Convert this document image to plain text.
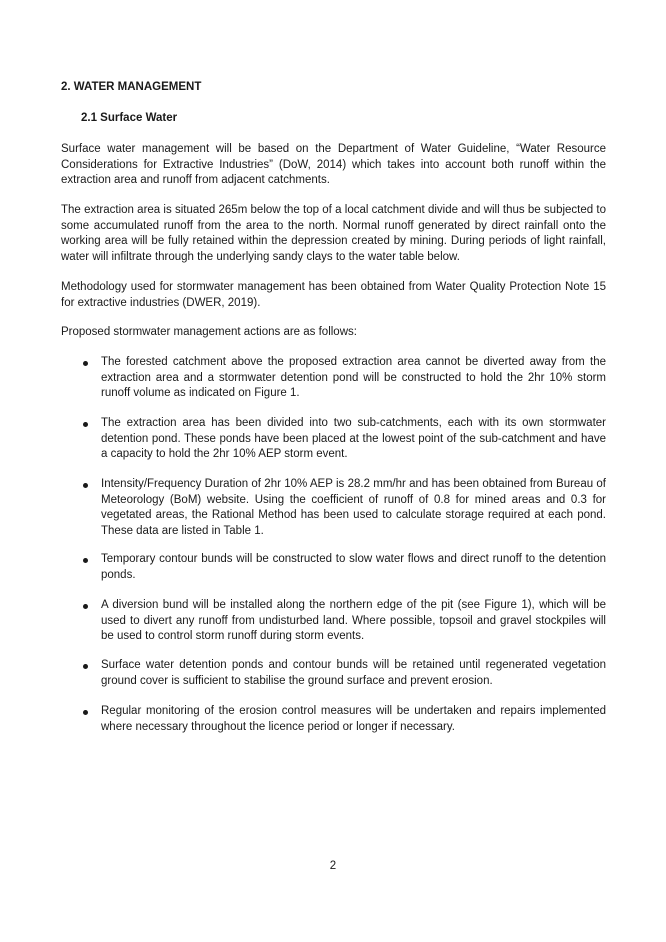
2. WATER MANAGEMENT
2.1 Surface Water

Surface water management will be based on the Department of Water Guideline, “Water Resource Considerations for Extractive Industries” (DoW, 2014) which takes into account both runoff within the extraction area and runoff from adjacent catchments.

The extraction area is situated 265m below the top of a local catchment divide and will thus be subjected to some accumulated runoff from the area to the north. Normal runoff generated by direct rainfall onto the working area will be fully retained within the depression created by mining. During periods of light rainfall, water will infiltrate through the underlying sandy clays to the water table below.

Methodology used for stormwater management has been obtained from Water Quality Protection Note 15 for extractive industries (DWER, 2019).

Proposed stormwater management actions are as follows:

The forested catchment above the proposed extraction area cannot be diverted away from the extraction area and a stormwater detention pond will be constructed to hold the 2hr 10% storm runoff volume as indicated on Figure 1.

The extraction area has been divided into two sub-catchments, each with its own stormwater detention pond. These ponds have been placed at the lowest point of the sub-catchment and have a capacity to hold the 2hr 10% AEP storm event.

Intensity/Frequency Duration of 2hr 10% AEP is 28.2 mm/hr and has been obtained from Bureau of Meteorology (BoM) website. Using the coefficient of runoff of 0.8 for mined areas and 0.3 for vegetated areas, the Rational Method has been used to calculate storage required at each pond. These data are listed in Table 1.

Temporary contour bunds will be constructed to slow water flows and direct runoff to the detention ponds.

A diversion bund will be installed along the northern edge of the pit (see Figure 1), which will be used to divert any runoff from undisturbed land. Where possible, topsoil and gravel stockpiles will be used to control storm runoff during storm events.

Surface water detention ponds and contour bunds will be retained until regenerated vegetation ground cover is sufficient to stabilise the ground surface and prevent erosion.

Regular monitoring of the erosion control measures will be undertaken and repairs implemented where necessary throughout the licence period or longer if necessary.

2
